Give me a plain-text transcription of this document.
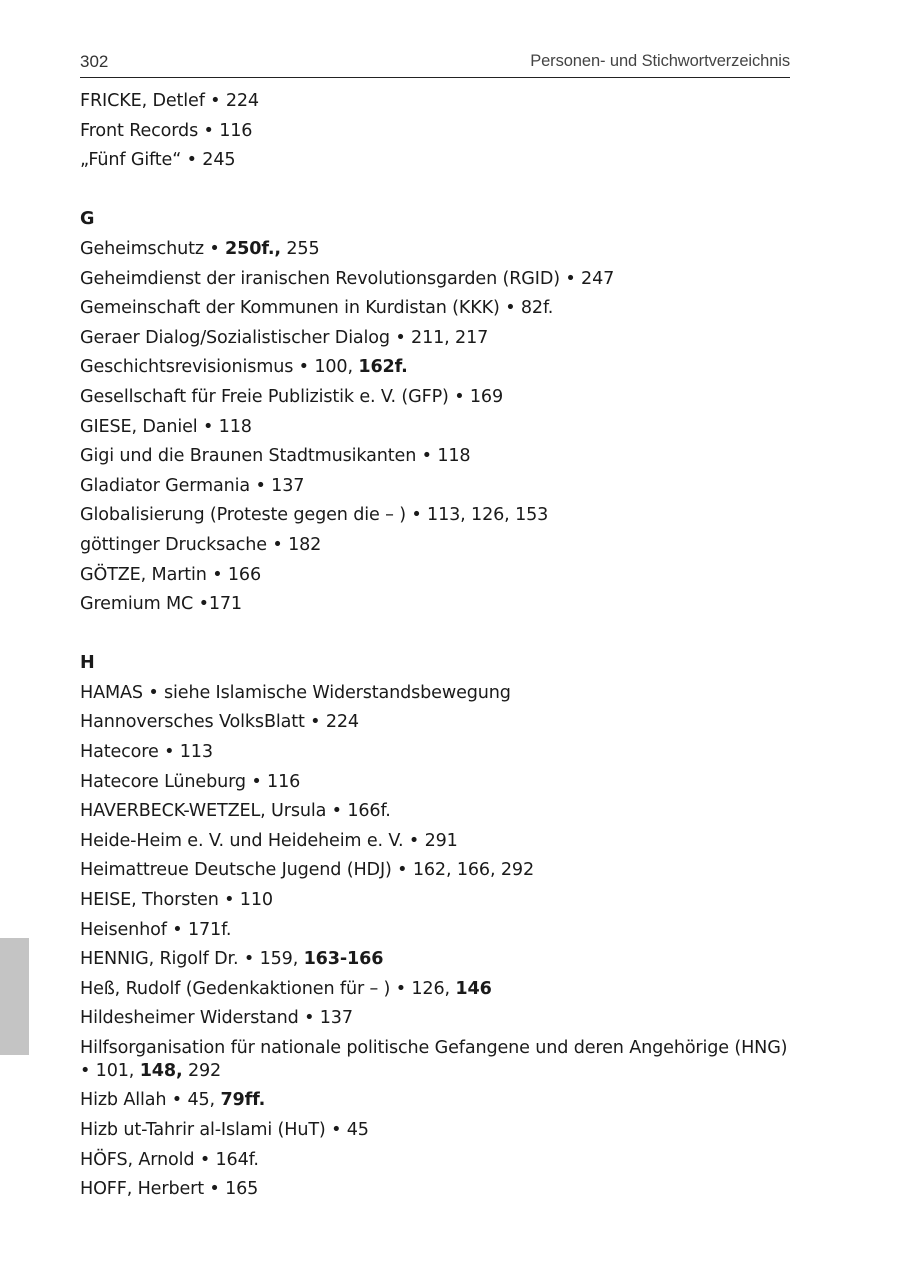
302	Personen- und Stichwortverzeichnis
FRICKE, Detlef • 224
Front Records • 116
„Fünf Gifte“ • 245
G
Geheimschutz • 250f., 255
Geheimdienst der iranischen Revolutionsgarden (RGID) • 247
Gemeinschaft der Kommunen in Kurdistan (KKK) • 82f.
Geraer Dialog/Sozialistischer Dialog • 211, 217
Geschichtsrevisionismus • 100, 162f.
Gesellschaft für Freie Publizistik e. V. (GFP) • 169
GIESE, Daniel • 118
Gigi und die Braunen Stadtmusikanten • 118
Gladiator Germania • 137
Globalisierung (Proteste gegen die – ) • 113, 126, 153
göttinger Drucksache • 182
GÖTZE, Martin • 166
Gremium MC •171
H
HAMAS • siehe Islamische Widerstandsbewegung
Hannoversches VolksBlatt • 224
Hatecore • 113
Hatecore Lüneburg • 116
HAVERBECK-WETZEL, Ursula • 166f.
Heide-Heim e. V. und Heideheim e. V. • 291
Heimattreue Deutsche Jugend (HDJ) • 162, 166, 292
HEISE, Thorsten • 110
Heisenhof • 171f.
HENNIG, Rigolf Dr. • 159, 163-166
Heß, Rudolf (Gedenkaktionen für – ) • 126, 146
Hildesheimer Widerstand • 137
Hilfsorganisation für nationale politische Gefangene und deren Angehörige (HNG) • 101, 148, 292
Hizb Allah • 45, 79ff.
Hizb ut-Tahrir al-Islami (HuT) • 45
HÖFS, Arnold • 164f.
HOFF, Herbert • 165
